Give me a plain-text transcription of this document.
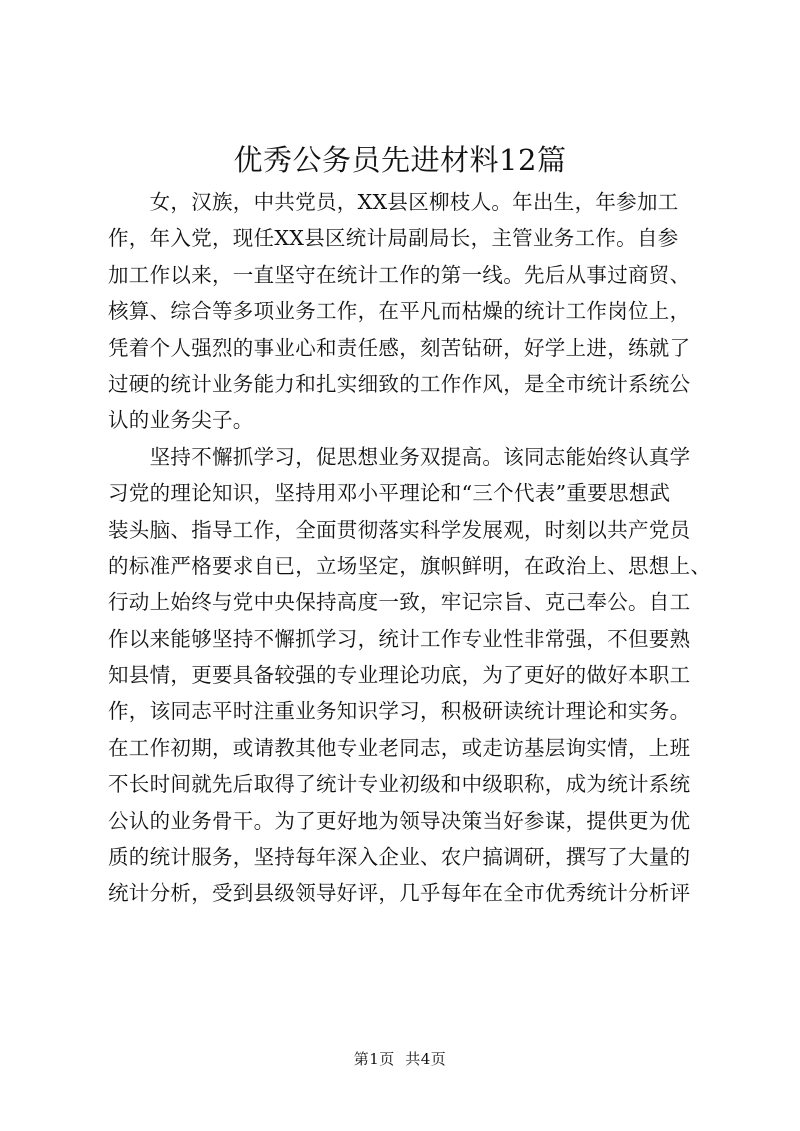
优秀公务员先进材料12篇
　　女，汉族，中共党员，XX县区柳枝人。年出生，年参加工
作，年入党，现任XX县区统计局副局长，主管业务工作。自参
加工作以来，一直坚守在统计工作的第一线。先后从事过商贸、
核算、综合等多项业务工作，在平凡而枯燥的统计工作岗位上，
凭着个人强烈的事业心和责任感，刻苦钻研，好学上进，练就了
过硬的统计业务能力和扎实细致的工作作风，是全市统计系统公
认的业务尖子。
　　坚持不懈抓学习，促思想业务双提高。该同志能始终认真学
习党的理论知识，坚持用邓小平理论和“三个代表”重要思想武
装头脑、指导工作，全面贯彻落实科学发展观，时刻以共产党员
的标准严格要求自已，立场坚定，旗帜鲜明，在政治上、思想上、
行动上始终与党中央保持高度一致，牢记宗旨、克己奉公。自工
作以来能够坚持不懈抓学习，统计工作专业性非常强，不但要熟
知县情，更要具备较强的专业理论功底，为了更好的做好本职工
作，该同志平时注重业务知识学习，积极研读统计理论和实务。
在工作初期，或请教其他专业老同志，或走访基层询实情，上班
不长时间就先后取得了统计专业初级和中级职称，成为统计系统
公认的业务骨干。为了更好地为领导决策当好参谋，提供更为优
质的统计服务，坚持每年深入企业、农户搞调研，撰写了大量的
统计分析，受到县级领导好评，几乎每年在全市优秀统计分析评
第1页  共4页
